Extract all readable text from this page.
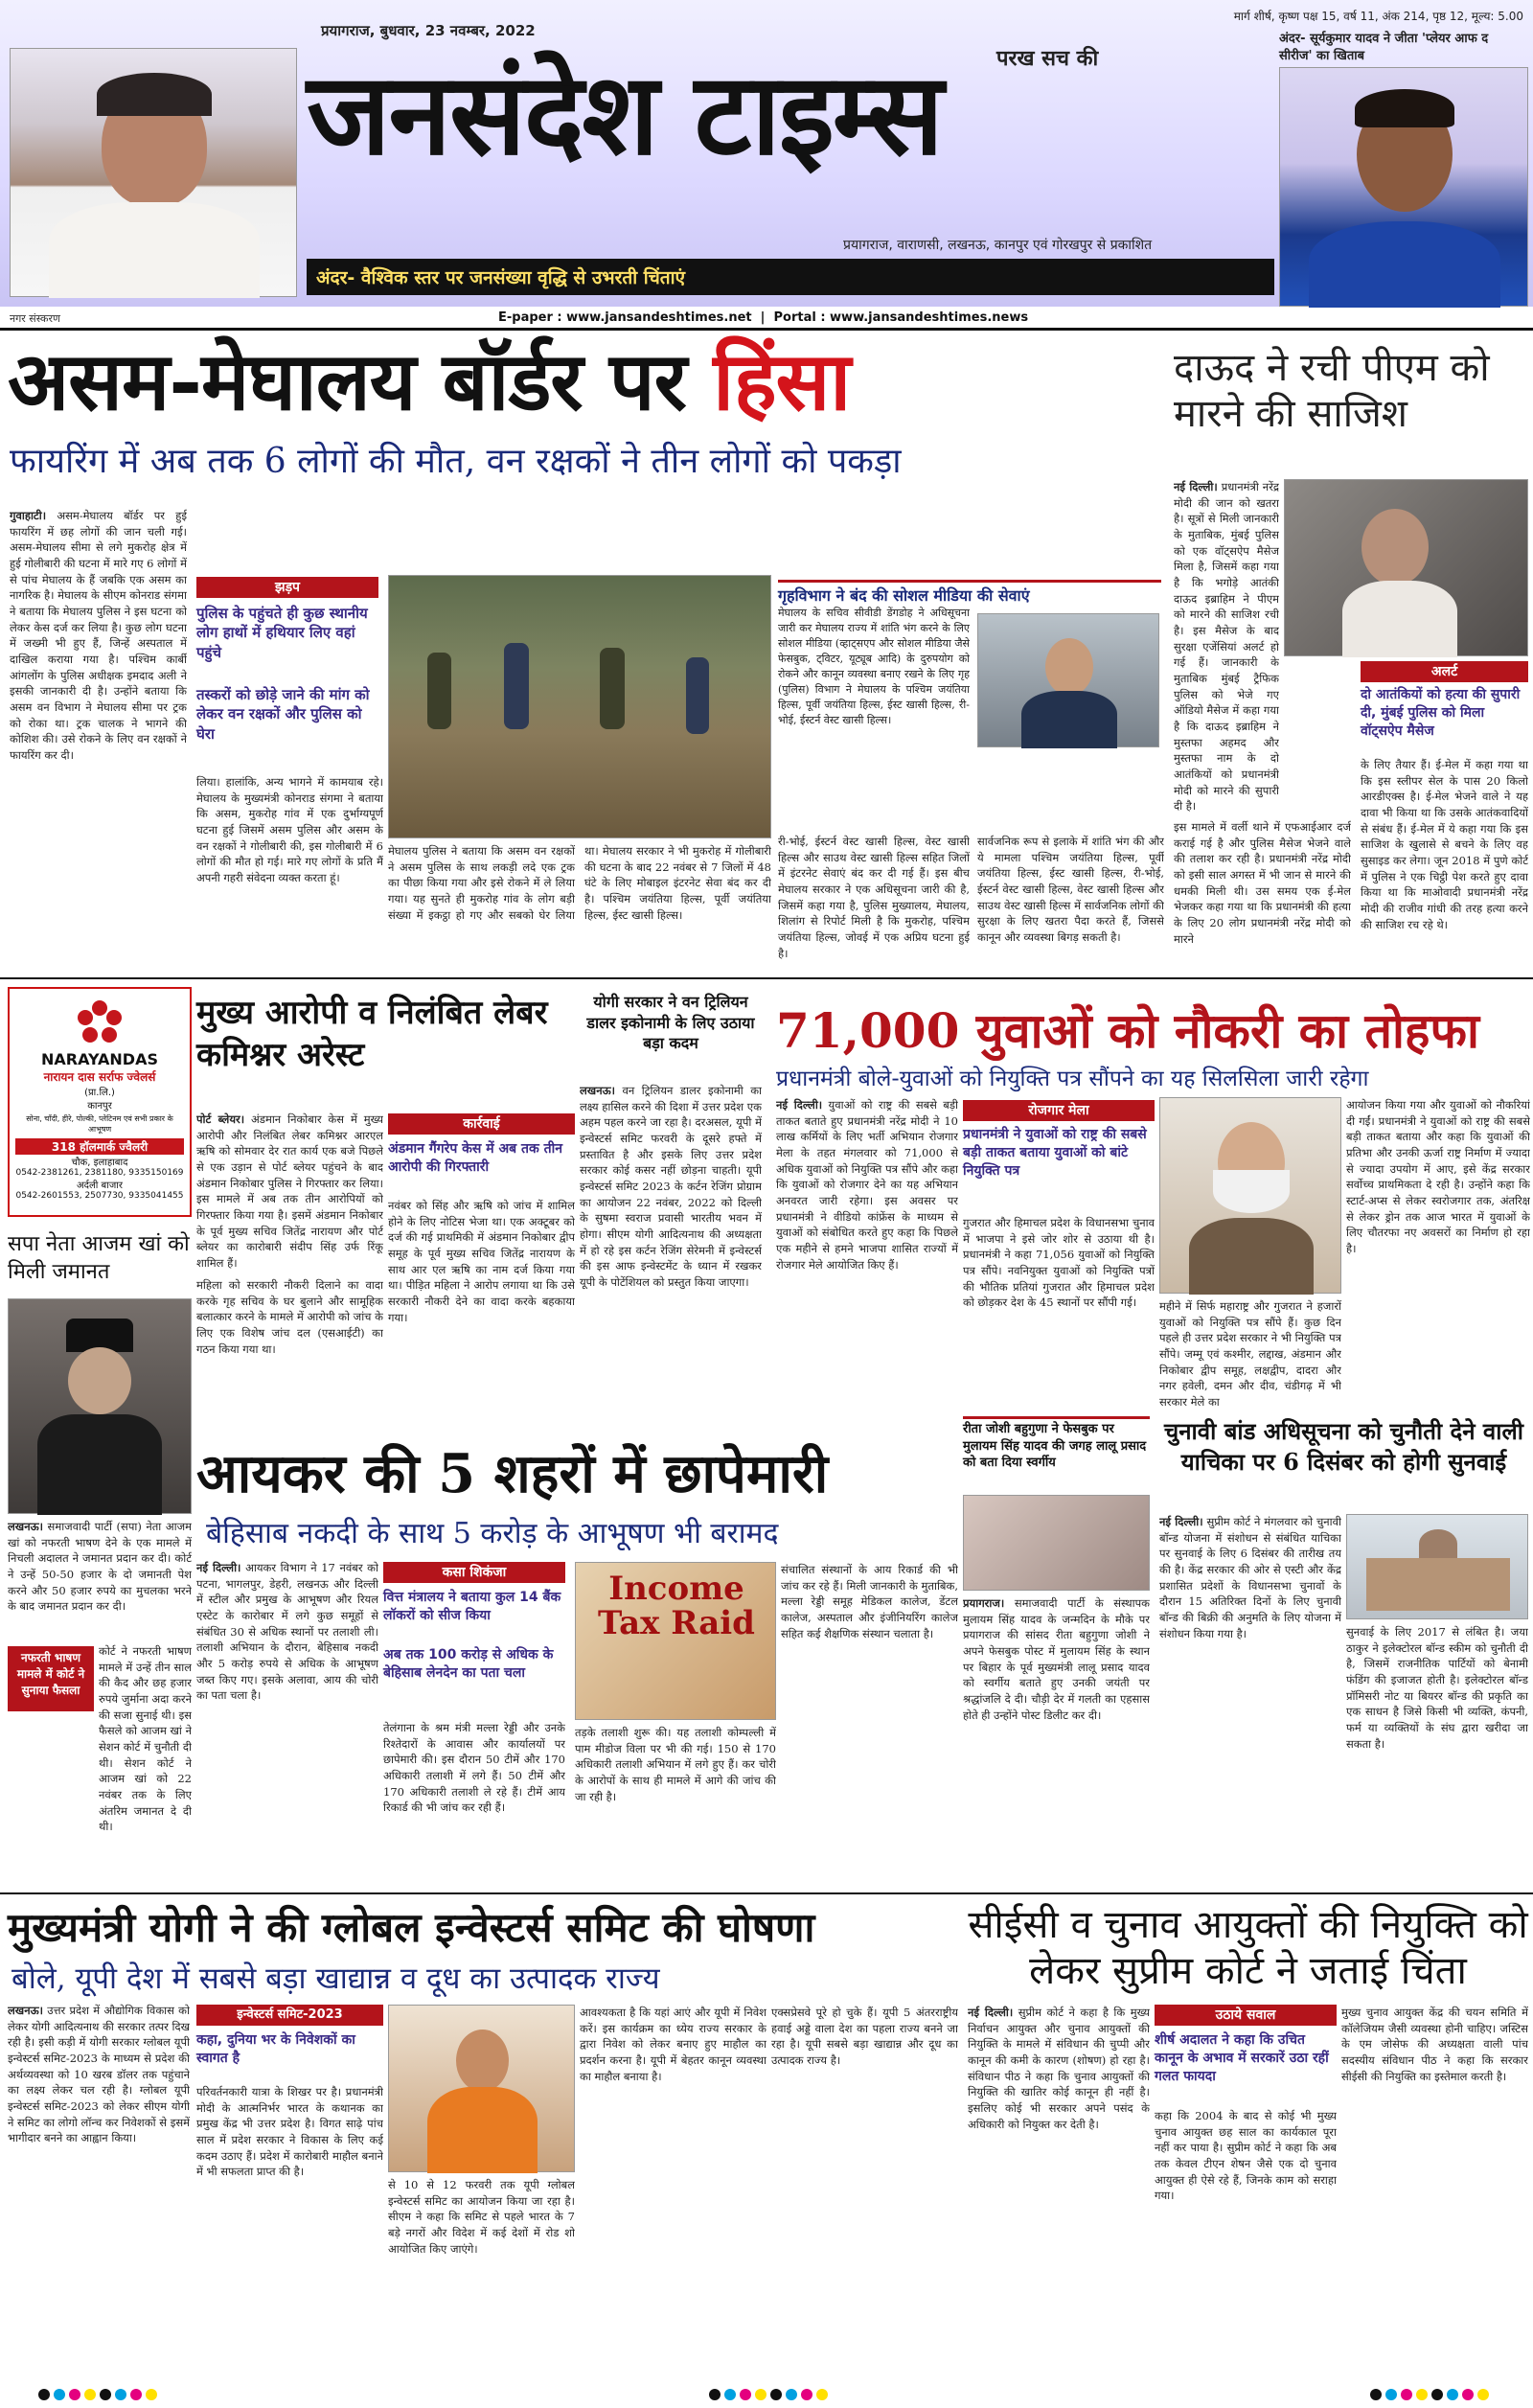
प्रयागराज, बुधवार, 23 नवम्बर, 2022
मार्ग शीर्ष, कृष्ण पक्ष 15, वर्ष 11, अंक 214, पृष्ठ 12, मूल्य: 5.00
अंदर- सूर्यकुमार यादव ने जीता 'प्लेयर आफ द सीरीज' का खिताब
परख सच की
जनसंदेश टाइम्स
प्रयागराज, वाराणसी, लखनऊ, कानपुर एवं गोरखपुर से प्रकाशित
अंदर- वैश्विक स्तर पर जनसंख्या वृद्धि से उभरती चिंताएं
नगर संस्करण	E-paper : www.jansandeshtimes.net  |  Portal : www.jansandeshtimes.news
असम-मेघालय बॉर्डर पर हिंसा
फायरिंग में अब तक 6 लोगों की मौत, वन रक्षकों ने तीन लोगों को पकड़ा
दाऊद ने रची पीएम को मारने की साजिश
गुवाहाटी। असम-मेघालय बॉर्डर पर हुई फायरिंग में छह लोगों की जान चली गई। असम-मेघालय सीमा से लगे मुकरोह क्षेत्र में हुई गोलीबारी की घटना में मारे गए 6 लोगों में से पांच मेघालय के हैं जबकि एक असम का नागरिक है। मेघालय के सीएम कोनराड संगमा ने बताया कि मेघालय पुलिस ने इस घटना को लेकर केस दर्ज कर लिया है। कुछ लोग घटना में जख्मी भी हुए हैं, जिन्हें अस्पताल में दाखिल कराया गया है। पश्चिम कार्बी आंगलोंग के पुलिस अधीक्षक इमदाद अली ने इसकी जानकारी दी है। उन्होंने बताया कि असम वन विभाग ने मेघालय सीमा पर ट्रक को रोका था। ट्रक चालक ने भागने की कोशिश की। उसे रोकने के लिए वन रक्षकों ने फायरिंग कर दी।
झड़प
पुलिस के पहुंचते ही कुछ स्थानीय लोग हाथों में हथियार लिए वहां पहुंचे
तस्करों को छोड़े जाने की मांग को लेकर वन रक्षकों और पुलिस को घेरा
लिया। हालांकि, अन्य भागने में कामयाब रहे। मेघालय के मुख्यमंत्री कोनराड संगमा ने बताया कि असम, मुकरोह गांव में एक दुर्भाग्यपूर्ण घटना हुई जिसमें असम पुलिस और असम के वन रक्षकों ने गोलीबारी की, इस गोलीबारी में 6 लोगों की मौत हो गई। मारे गए लोगों के प्रति मैं अपनी गहरी संवेदना व्यक्त करता हूं।
मेघालय पुलिस ने बताया कि असम वन रक्षकों ने असम पुलिस के साथ लकड़ी लदे एक ट्रक का पीछा किया गया और इसे रोकने में ले लिया गया। यह सुनते ही मुकरोह गांव के लोग बड़ी संख्या में इकट्ठा हो गए और सबको घेर लिया था। मेघालय सरकार ने भी मुकरोह में गोलीबारी की घटना के बाद 22 नवंबर से 7 जिलों में 48 घंटे के लिए मोबाइल इंटरनेट सेवा बंद कर दी है। पश्चिम जयंतिया हिल्स, पूर्वी जयंतिया हिल्स, ईस्ट खासी हिल्स।
गृहविभाग ने बंद की सोशल मीडिया की सेवाएं
मेघालय के सचिव सीवीडी डेंगडोह ने अधिसूचना जारी कर मेघालय राज्य में शांति भंग करने के लिए सोशल मीडिया (व्हाट्सएप और सोशल मीडिया जैसे फेसबुक, ट्विटर, यूट्यूब आदि) के दुरुपयोग को रोकने और कानून व्यवस्था बनाए रखने के लिए गृह (पुलिस) विभाग ने मेघालय के पश्चिम जयंतिया हिल्स, पूर्वी जयंतिया हिल्स, ईस्ट खासी हिल्स, री-भोई, ईस्टर्न वेस्ट खासी हिल्स।
री-भोई, ईस्टर्न वेस्ट खासी हिल्स, वेस्ट खासी हिल्स और साउथ वेस्ट खासी हिल्स सहित जिलों में इंटरनेट सेवाएं बंद कर दी गई हैं। इस बीच मेघालय सरकार ने एक अधिसूचना जारी की है, जिसमें कहा गया है, पुलिस मुख्यालय, मेघालय, शिलांग से रिपोर्ट मिली है कि मुकरोह, पश्चिम जयंतिया हिल्स, जोवई में एक अप्रिय घटना हुई है।
सार्वजनिक रूप से इलाके में शांति भंग की और ये मामला पश्चिम जयंतिया हिल्स, पूर्वी जयंतिया हिल्स, ईस्ट खासी हिल्स, री-भोई, ईस्टर्न वेस्ट खासी हिल्स, वेस्ट खासी हिल्स और साउथ वेस्ट खासी हिल्स में सार्वजनिक लोगों की सुरक्षा के लिए खतरा पैदा करते हैं, जिससे कानून और व्यवस्था बिगड़ सकती है।
नई दिल्ली। प्रधानमंत्री नरेंद्र मोदी की जान को खतरा है। सूत्रों से मिली जानकारी के मुताबिक, मुंबई पुलिस को एक वॉट्सऐप मैसेज मिला है, जिसमें कहा गया है कि भगोड़े आतंकी दाऊद इब्राहिम ने पीएम को मारने की साजिश रची है। इस मैसेज के बाद सुरक्षा एजेंसियां अलर्ट हो गई हैं। जानकारी के मुताबिक मुंबई ट्रैफिक पुलिस को भेजे गए ऑडियो मैसेज में कहा गया है कि दाऊद इब्राहिम ने मुस्तफा अहमद और मुस्तफा नाम के दो आतंकियों को प्रधानमंत्री मोदी को मारने की सुपारी दी है।
इस मामले में वर्ली थाने में एफआईआर दर्ज कराई गई है और पुलिस मैसेज भेजने वाले की तलाश कर रही है। प्रधानमंत्री नरेंद्र मोदी को इसी साल अगस्त में भी जान से मारने की धमकी मिली थी। उस समय एक ई-मेल भेजकर कहा गया था कि प्रधानमंत्री की हत्या के लिए 20 लोग प्रधानमंत्री नरेंद्र मोदी को मारने
अलर्ट
दो आतंकियों को हत्या की सुपारी दी, मुंबई पुलिस को मिला वॉट्सऐप मैसेज
के लिए तैयार हैं। ई-मेल में कहा गया था कि इस स्लीपर सेल के पास 20 किलो आरडीएक्स है। ई-मेल भेजने वाले ने यह दावा भी किया था कि उसके आतंकवादियों से संबंध हैं। ई-मेल में ये कहा गया कि इस साजिश के खुलासे से बचने के लिए वह सुसाइड कर लेगा। जून 2018 में पुणे कोर्ट में पुलिस ने एक चिट्ठी पेश करते हुए दावा किया था कि माओवादी प्रधानमंत्री नरेंद्र मोदी की राजीव गांधी की तरह हत्या करने की साजिश रच रहे थे।
NARAYANDAS
नारायन दास सर्राफ ज्वेलर्स
(प्रा.लि.)
कानपुर
सोना, चाँदी, हीरे, पोल्की, प्लेटिनम एवं सभी प्रकार के आभूषण
318 हॉलमार्क ज्वैलरी
चौक, इलाहाबाद
0542-2381261, 2381180, 9335150169
अर्दली बाजार
0542-2601553, 2507730, 9335041455
सपा नेता आजम खां को मिली जमानत
लखनऊ। समाजवादी पार्टी (सपा) नेता आजम खां को नफरती भाषण देने के एक मामले में निचली अदालत ने जमानत प्रदान कर दी। कोर्ट ने उन्हें 50-50 हजार के दो जमानती पेश करने और 50 हजार रुपये का मुचलका भरने के बाद जमानत प्रदान कर दी।
नफरती भाषण मामले में कोर्ट ने सुनाया फैसला
कोर्ट ने नफरती भाषण मामले में उन्हें तीन साल की कैद और छह हजार रुपये जुर्माना अदा करने की सजा सुनाई थी। इस फैसले को आजम खां ने सेशन कोर्ट में चुनौती दी थी। सेशन कोर्ट ने आजम खां को 22 नवंबर तक के लिए अंतरिम जमानत दे दी थी।
मुख्य आरोपी व निलंबित लेबर कमिश्नर अरेस्ट
पोर्ट ब्लेयर। अंडमान निकोबार केस में मुख्य आरोपी और निलंबित लेबर कमिश्नर आरएल ऋषि को सोमवार देर रात कार्य एक बजे पिछले से एक उड़ान से पोर्ट ब्लेयर पहुंचने के बाद अंडमान निकोबार पुलिस ने गिरफ्तार कर लिया। इस मामले में अब तक तीन आरोपियों को गिरफ्तार किया गया है। इसमें अंडमान निकोबार के पूर्व मुख्य सचिव जितेंद्र नारायण और पोर्ट ब्लेयर का कारोबारी संदीप सिंह उर्फ रिंकू शामिल हैं।
महिला को सरकारी नौकरी दिलाने का वादा करके गृह सचिव के घर बुलाने और सामूहिक बलात्कार करने के मामले में आरोपी को जांच के लिए एक विशेष जांच दल (एसआईटी) का गठन किया गया था।
कार्रवाई
अंडमान गैंगरेप केस में अब तक तीन आरोपी की गिरफ्तारी
नवंबर को सिंह और ऋषि को जांच में शामिल होने के लिए नोटिस भेजा था। एक अक्टूबर को दर्ज की गई प्राथमिकी में अंडमान निकोबार द्वीप समूह के पूर्व मुख्य सचिव जितेंद्र नारायण के साथ आर एल ऋषि का नाम दर्ज किया गया था। पीड़ित महिला ने आरोप लगाया था कि उसे सरकारी नौकरी देने का वादा करके बहकाया गया।
योगी सरकार ने वन ट्रिलियन डालर इकोनामी के लिए उठाया बड़ा कदम
लखनऊ। वन ट्रिलियन डालर इकोनामी का लक्ष्य हासिल करने की दिशा में उत्तर प्रदेश एक अहम पहल करने जा रहा है। दरअसल, यूपी में इन्वेस्टर्स समिट फरवरी के दूसरे हफ्ते में प्रस्तावित है और इसके लिए उत्तर प्रदेश सरकार कोई कसर नहीं छोड़ना चाहती। यूपी इन्वेस्टर्स समिट 2023 के कर्टन रेजिंग प्रोग्राम का आयोजन 22 नवंबर, 2022 को दिल्ली के सुषमा स्वराज प्रवासी भारतीय भवन में होगा। सीएम योगी आदित्यनाथ की अध्यक्षता में हो रहे इस कर्टन रेजिंग सेरेमनी में इन्वेस्टर्स की इस आफ इन्वेस्टमेंट के ध्यान में रखकर यूपी के पोटेंशियल को प्रस्तुत किया जाएगा।
71,000 युवाओं को नौकरी का तोहफा
प्रधानमंत्री बोले-युवाओं को नियुक्ति पत्र सौंपने का यह सिलसिला जारी रहेगा
नई दिल्ली। युवाओं को राष्ट्र की सबसे बड़ी ताकत बताते हुए प्रधानमंत्री नरेंद्र मोदी ने 10 लाख कर्मियों के लिए भर्ती अभियान रोजगार मेला के तहत मंगलवार को 71,000 से अधिक युवाओं को नियुक्ति पत्र सौंपे और कहा कि युवाओं को रोजगार देने का यह अभियान अनवरत जारी रहेगा। इस अवसर पर प्रधानमंत्री ने वीडियो कांफ्रेंस के माध्यम से युवाओं को संबोधित करते हुए कहा कि पिछले एक महीने से हमने भाजपा शासित राज्यों में रोजगार मेले आयोजित किए हैं।
रोजगार मेला
प्रधानमंत्री ने युवाओं को राष्ट्र की सबसे बड़ी ताकत बताया युवाओं को बांटे नियुक्ति पत्र
गुजरात और हिमाचल प्रदेश के विधानसभा चुनाव में भाजपा ने इसे जोर शोर से उठाया थी है। प्रधानमंत्री ने कहा 71,056 युवाओं को नियुक्ति पत्र सौंपे। नवनियुक्त युवाओं को नियुक्ति पत्रों की भौतिक प्रतियां गुजरात और हिमाचल प्रदेश को छोड़कर देश के 45 स्थानों पर सौंपी गई।	महीने में सिर्फ महाराष्ट्र और गुजरात ने हजारों युवाओं को नियुक्ति पत्र सौंपे हैं। कुछ दिन पहले ही उत्तर प्रदेश सरकार ने भी नियुक्ति पत्र सौंपे। जम्मू एवं कश्मीर, लद्दाख, अंडमान और निकोबार द्वीप समूह, लक्षद्वीप, दादरा और नगर हवेली, दमन और दीव, चंडीगढ़ में भी सरकार मेले का
आयोजन किया गया और युवाओं को नौकरियां दी गईं। प्रधानमंत्री ने युवाओं को राष्ट्र की सबसे बड़ी ताकत बताया और कहा कि युवाओं की प्रतिभा और उनकी ऊर्जा राष्ट्र निर्माण में ज्यादा से ज्यादा उपयोग में आए, इसे केंद्र सरकार सर्वोच्च प्राथमिकता दे रही है। उन्होंने कहा कि स्टार्ट-अप्स से लेकर स्वरोजगार तक, अंतरिक्ष से लेकर ड्रोन तक आज भारत में युवाओं के लिए चौतरफा नए अवसरों का निर्माण हो रहा है।
आयकर की 5 शहरों में छापेमारी
बेहिसाब नकदी के साथ 5 करोड़ के आभूषण भी बरामद
नई दिल्ली। आयकर विभाग ने 17 नवंबर को पटना, भागलपुर, डेहरी, लखनऊ और दिल्ली में स्टील और प्रमुख के आभूषण और रियल एस्टेट के कारोबार में लगे कुछ समूहों से संबंधित 30 से अधिक स्थानों पर तलाशी ली। तलाशी अभियान के दौरान, बेहिसाब नकदी और 5 करोड़ रुपये से अधिक के आभूषण जब्त किए गए। इसके अलावा, आय की चोरी का पता चला है।
कसा शिकंजा
वित्त मंत्रालय ने बताया कुल 14 बैंक लॉकरों को सीज किया
अब तक 100 करोड़ से अधिक के बेहिसाब लेनदेन का पता चला
तेलंगाना के श्रम मंत्री मल्ला रेड्डी और उनके रिश्तेदारों के आवास और कार्यालयों पर छापेमारी की। इस दौरान 50 टीमें और 170 अधिकारी तलाशी में लगे हैं। 50 टीमें और 170 अधिकारी तलाशी ले रहे हैं। टीमें आय रिकार्ड की भी जांच कर रही हैं।
Income Tax Raid
तड़के तलाशी शुरू की। यह तलाशी कोम्पल्ली में पाम मीडोज विला पर भी की गई। 150 से 170 अधिकारी तलाशी अभियान में लगे हुए हैं। कर चोरी के आरोपों के साथ ही मामले में आगे की जांच की जा रही है।
संचालित संस्थानों के आय रिकार्ड की भी जांच कर रहे हैं। मिली जानकारी के मुताबिक, मल्ला रेड्डी समूह मेडिकल कालेज, डेंटल कालेज, अस्पताल और इंजीनियरिंग कालेज सहित कई शैक्षणिक संस्थान चलाता है।
रीता जोशी बहुगुणा ने फेसबुक पर मुलायम सिंह यादव की जगह लालू प्रसाद को बता दिया स्वर्गीय
प्रयागराज। समाजवादी पार्टी के संस्थापक मुलायम सिंह यादव के जन्मदिन के मौके पर प्रयागराज की सांसद रीता बहुगुणा जोशी ने अपने फेसबुक पोस्ट में मुलायम सिंह के स्थान पर बिहार के पूर्व मुख्यमंत्री लालू प्रसाद यादव को स्वर्गीय बताते हुए उनकी जयंती पर श्रद्धांजलि दे दी। चौड़ी देर में गलती का एहसास होते ही उन्होंने पोस्ट डिलीट कर दी।
चुनावी बांड अधिसूचना को चुनौती देने वाली याचिका पर 6 दिसंबर को होगी सुनवाई
नई दिल्ली। सुप्रीम कोर्ट ने मंगलवार को चुनावी बॉन्ड योजना में संशोधन से संबंधित याचिका पर सुनवाई के लिए 6 दिसंबर की तारीख तय की है। केंद्र सरकार की ओर से एस्टी और केंद्र प्रशासित प्रदेशों के विधानसभा चुनावों के दौरान 15 अतिरिक्त दिनों के लिए चुनावी बॉन्ड की बिक्री की अनुमति के लिए योजना में संशोधन किया गया है।	सुनवाई के लिए 2017 से लंबित है। जया ठाकुर ने इलेक्टोरल बॉन्ड स्कीम को चुनौती दी है, जिसमें राजनीतिक पार्टियों को बेनामी फंडिंग की इजाजत होती है। इलेक्टोरल बॉन्ड प्रॉमिसरी नोट या बियरर बॉन्ड की प्रकृति का एक साधन है जिसे किसी भी व्यक्ति, कंपनी, फर्म या व्यक्तियों के संघ द्वारा खरीदा जा सकता है।
मुख्यमंत्री योगी ने की ग्लोबल इन्वेस्टर्स समिट की घोषणा
बोले, यूपी देश में सबसे बड़ा खाद्यान्न व दूध का उत्पादक राज्य
लखनऊ। उत्तर प्रदेश में औद्योगिक विकास को लेकर योगी आदित्यनाथ की सरकार तत्पर दिख रही है। इसी कड़ी में योगी सरकार ग्लोबल यूपी इन्वेस्टर्स समिट-2023 के माध्यम से प्रदेश की अर्थव्यवस्था को 10 खरब डॉलर तक पहुंचाने का लक्ष्य लेकर चल रही है। ग्लोबल यूपी इन्वेस्टर्स समिट-2023 को लेकर सीएम योगी ने समिट का लोगो लॉन्च कर निवेशकों से इसमें भागीदार बनने का आह्वान किया।
इन्वेस्टर्स समिट-2023
कहा, दुनिया भर के निवेशकों का स्वागत है
परिवर्तनकारी यात्रा के शिखर पर है। प्रधानमंत्री मोदी के आत्मनिर्भर भारत के कथानक का प्रमुख केंद्र भी उत्तर प्रदेश है। विगत साढ़े पांच साल में प्रदेश सरकार ने विकास के लिए कई कदम उठाए हैं। प्रदेश में कारोबारी माहौल बनाने में भी सफलता प्राप्त की है।
से 10 से 12 फरवरी तक यूपी ग्लोबल इन्वेस्टर्स समिट का आयोजन किया जा रहा है। सीएम ने कहा कि समिट से पहले भारत के 7 बड़े नगरों और विदेश में कई देशों में रोड शो आयोजित किए जाएंगे।
आवश्यकता है कि यहां आएं और यूपी में निवेश करें। इस कार्यक्रम का ध्येय राज्य सरकार के द्वारा निवेश को लेकर बनाए हुए माहौल का प्रदर्शन करना है। यूपी में बेहतर कानून व्यवस्था का माहौल बनाया है।
एक्सप्रेसवे पूरे हो चुके हैं। यूपी 5 अंतरराष्ट्रीय हवाई अड्डे वाला देश का पहला राज्य बनने जा रहा है। यूपी सबसे बड़ा खाद्यान्न और दूध का उत्पादक राज्य है।
सीईसी व चुनाव आयुक्तों की नियुक्ति को लेकर सुप्रीम कोर्ट ने जताई चिंता
नई दिल्ली। सुप्रीम कोर्ट ने कहा है कि मुख्य निर्वाचन आयुक्त और चुनाव आयुक्तों की नियुक्ति के मामले में संविधान की चुप्पी और कानून की कमी के कारण (शोषण) हो रहा है। संविधान पीठ ने कहा कि चुनाव आयुक्तों की नियुक्ति की खातिर कोई कानून ही नहीं है। इसलिए कोई भी सरकार अपने पसंद के अधिकारी को नियुक्त कर देती है।
उठाये सवाल
शीर्ष अदालत ने कहा कि उचित कानून के अभाव में सरकारें उठा रहीं गलत फायदा
कहा कि 2004 के बाद से कोई भी मुख्य चुनाव आयुक्त छह साल का कार्यकाल पूरा नहीं कर पाया है। सुप्रीम कोर्ट ने कहा कि अब तक केवल टीएन शेषन जैसे एक दो चुनाव आयुक्त ही ऐसे रहे हैं, जिनके काम को सराहा गया।
मुख्य चुनाव आयुक्त केंद्र की चयन समिति में कॉलेजियम जैसी व्यवस्था होनी चाहिए। जस्टिस के एम जोसेफ की अध्यक्षता वाली पांच सदस्यीय संविधान पीठ ने कहा कि सरकार सीईसी की नियुक्ति का इस्तेमाल करती है।
